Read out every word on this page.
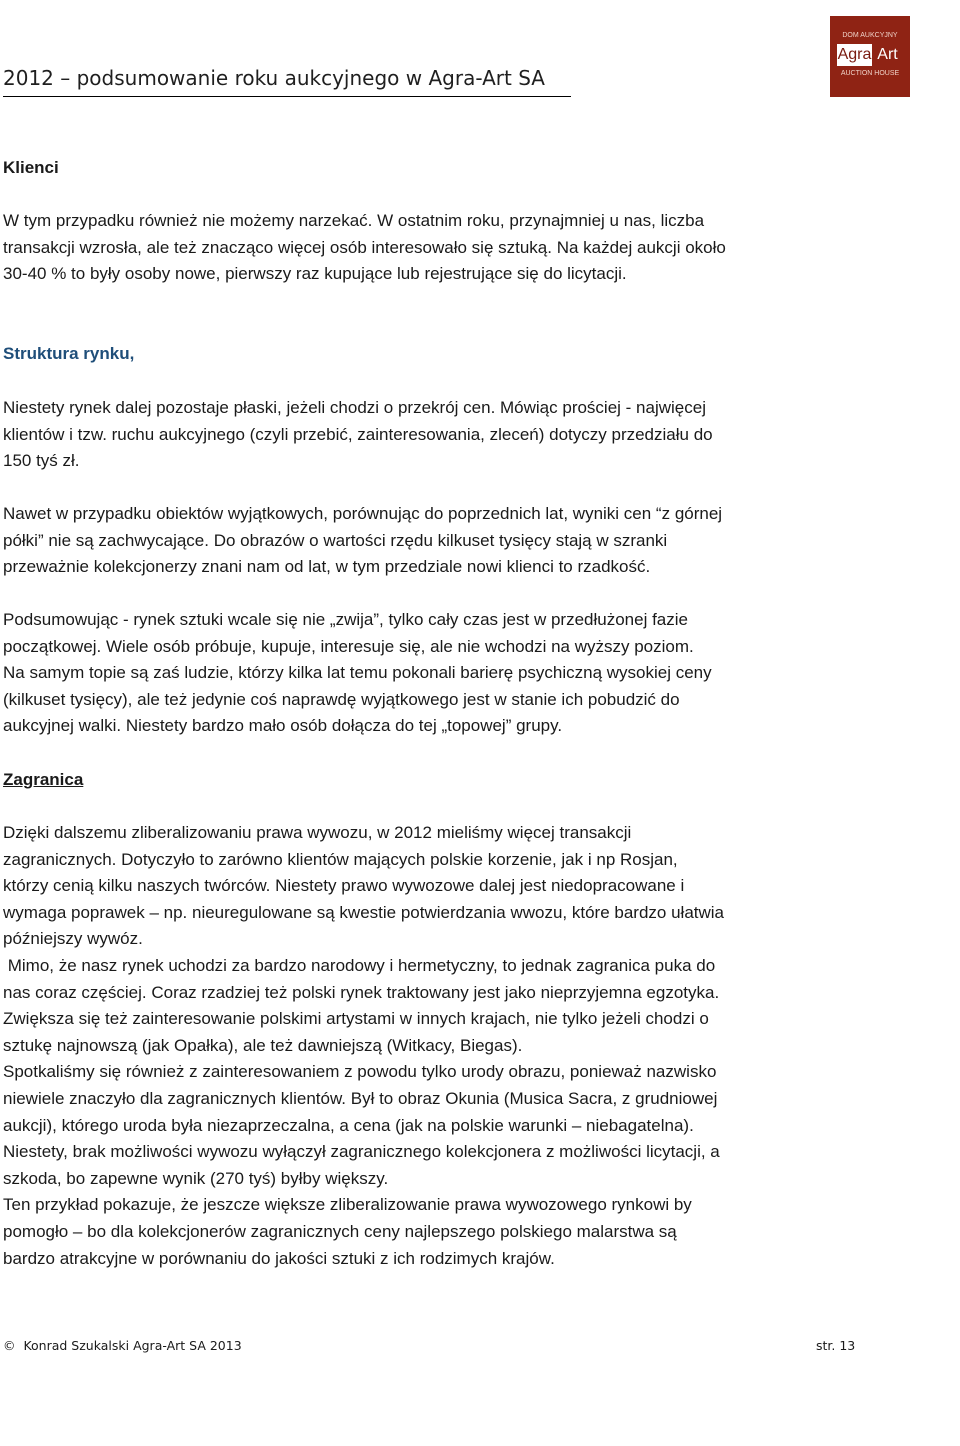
2012 – podsumowanie roku aukcyjnego w Agra-Art SA
DOM AUKCYJNY
Agra Art
AUCTION HOUSE
Klienci

W tym przypadku również nie możemy narzekać. W ostatnim roku, przynajmniej u nas, liczba
transakcji wzrosła, ale też znacząco więcej osób interesowało się sztuką. Na każdej aukcji około
30-40 % to były osoby nowe, pierwszy raz kupujące lub rejestrujące się do licytacji.

Struktura rynku,

Niestety rynek dalej pozostaje płaski, jeżeli chodzi o przekrój cen. Mówiąc prościej - najwięcej
klientów i tzw. ruchu aukcyjnego (czyli przebić, zainteresowania, zleceń) dotyczy przedziału do
150 tyś zł.

Nawet w przypadku obiektów wyjątkowych, porównując do poprzednich lat, wyniki cen “z górnej
półki” nie są zachwycające. Do obrazów o wartości rzędu kilkuset tysięcy stają w szranki
przeważnie kolekcjonerzy znani nam od lat, w tym przedziale nowi klienci to rzadkość.

Podsumowując - rynek sztuki wcale się nie „zwija”, tylko cały czas jest w przedłużonej fazie
początkowej. Wiele osób próbuje, kupuje, interesuje się, ale nie wchodzi na wyższy poziom.
Na samym topie są zaś ludzie, którzy kilka lat temu pokonali barierę psychiczną wysokiej ceny
(kilkuset tysięcy), ale też jedynie coś naprawdę wyjątkowego jest w stanie ich pobudzić do
aukcyjnej walki. Niestety bardzo mało osób dołącza do tej „topowej” grupy.

Zagranica

Dzięki dalszemu zliberalizowaniu prawa wywozu, w 2012 mieliśmy więcej transakcji
zagranicznych. Dotyczyło to zarówno klientów mających polskie korzenie, jak i np Rosjan,
którzy cenią kilku naszych twórców. Niestety prawo wywozowe dalej jest niedopracowane i
wymaga poprawek – np. nieuregulowane są kwestie potwierdzania wwozu, które bardzo ułatwia
późniejszy wywóz.
Mimo, że nasz rynek uchodzi za bardzo narodowy i hermetyczny, to jednak zagranica puka do
nas coraz częściej. Coraz rzadziej też polski rynek traktowany jest jako nieprzyjemna egzotyka.
Zwiększa się też zainteresowanie polskimi artystami w innych krajach, nie tylko jeżeli chodzi o
sztukę najnowszą (jak Opałka), ale też dawniejszą (Witkacy, Biegas).
Spotkaliśmy się również z zainteresowaniem z powodu tylko urody obrazu, ponieważ nazwisko
niewiele znaczyło dla zagranicznych klientów. Był to obraz Okunia (Musica Sacra, z grudniowej
aukcji), którego uroda była niezaprzeczalna, a cena (jak na polskie warunki – niebagatelna).
Niestety, brak możliwości wywozu wyłączył zagranicznego kolekcjonera z możliwości licytacji, a
szkoda, bo zapewne wynik (270 tyś) byłby większy.
Ten przykład pokazuje, że jeszcze większe zliberalizowanie prawa wywozowego rynkowi by
pomogło – bo dla kolekcjonerów zagranicznych ceny najlepszego polskiego malarstwa są
bardzo atrakcyjne w porównaniu do jakości sztuki z ich rodzimych krajów.

©  Konrad Szukalski Agra-Art SA 2013	str. 13
